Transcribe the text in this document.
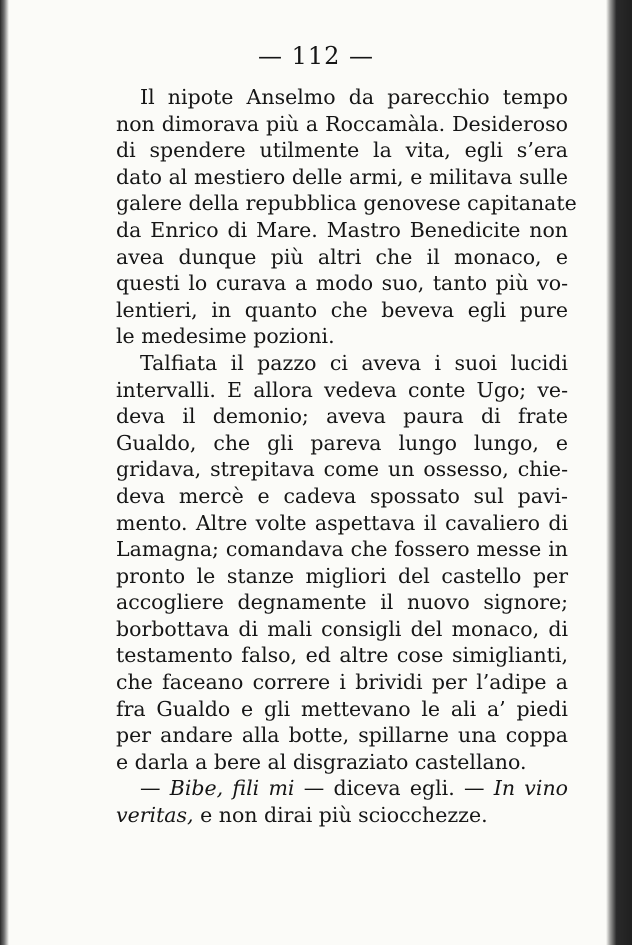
— 112 —
Il nipote Anselmo da parecchio tempo
non dimorava più a Roccamàla. Desideroso
di spendere utilmente la vita, egli s’era
dato al mestiero delle armi, e militava sulle
galere della repubblica genovese capitanate
da Enrico di Mare. Mastro Benedicite non
avea dunque più altri che il monaco, e
questi lo curava a modo suo, tanto più vo-
lentieri, in quanto che beveva egli pure
le medesime pozioni.
Talfiata il pazzo ci aveva i suoi lucidi
intervalli. E allora vedeva conte Ugo; ve-
deva il demonio; aveva paura di frate
Gualdo, che gli pareva lungo lungo, e
gridava, strepitava come un ossesso, chie-
deva mercè e cadeva spossato sul pavi-
mento. Altre volte aspettava il cavaliero di
Lamagna; comandava che fossero messe in
pronto le stanze migliori del castello per
accogliere degnamente il nuovo signore;
borbottava di mali consigli del monaco, di
testamento falso, ed altre cose simiglianti,
che faceano correre i brividi per l’adipe a
fra Gualdo e gli mettevano le ali a’ piedi
per andare alla botte, spillarne una coppa
e darla a bere al disgraziato castellano.
— Bibe, fili mi — diceva egli. — In vino
veritas, e non dirai più sciocchezze.
